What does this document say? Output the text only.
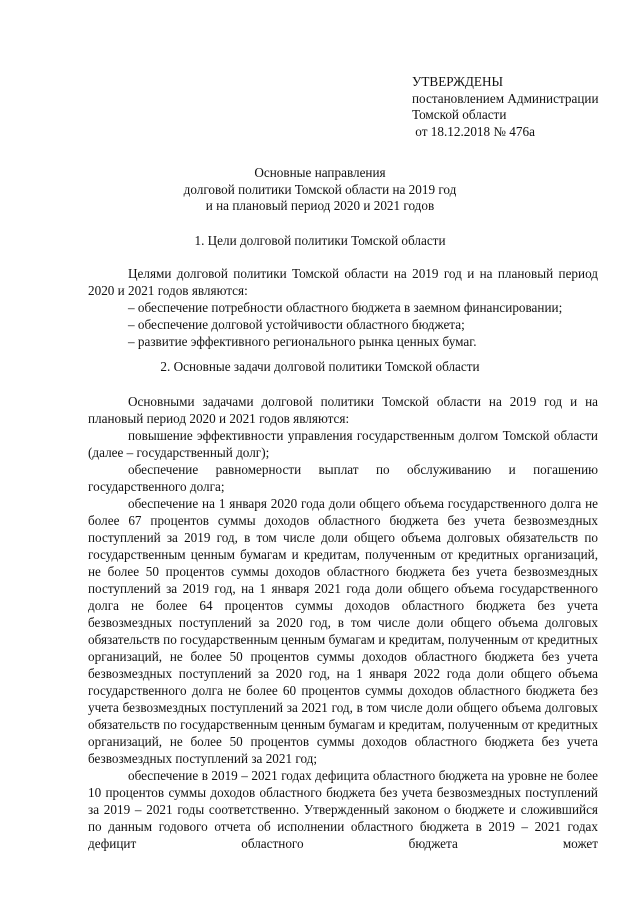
УТВЕРЖДЕНЫ
постановлением Администрации
Томской области
от 18.12.2018 № 476а
Основные направления
долговой политики Томской области на 2019 год
и на плановый период 2020 и 2021 годов
1. Цели долговой политики Томской области

Целями долговой политики Томской области на 2019 год и на плановый период 2020 и 2021 годов являются:

– обеспечение потребности областного бюджета в заемном финансировании;

– обеспечение долговой устойчивости областного бюджета;

– развитие эффективного регионального рынка ценных бумаг.

2. Основные задачи долговой политики Томской области

Основными задачами долговой политики Томской области на 2019 год и на плановый период 2020 и 2021 годов являются:

повышение эффективности управления государственным долгом Томской области (далее – государственный долг);

обеспечение равномерности выплат по обслуживанию и погашению государственного долга;

обеспечение на 1 января 2020 года доли общего объема государственного долга не более 67 процентов суммы доходов областного бюджета без учета безвозмездных поступлений за 2019 год, в том числе доли общего объема долговых обязательств по государственным ценным бумагам и кредитам, полученным от кредитных организаций, не более 50 процентов суммы доходов областного бюджета без учета безвозмездных поступлений за 2019 год, на 1 января 2021 года доли общего объема государственного долга не более 64 процентов суммы доходов областного бюджета без учета безвозмездных поступлений за 2020 год, в том числе доли общего объема долговых обязательств по государственным ценным бумагам и кредитам, полученным от кредитных организаций, не более 50 процентов суммы доходов областного бюджета без учета безвозмездных поступлений за 2020 год, на 1 января 2022 года доли общего объема государственного долга не более 60 процентов суммы доходов областного бюджета без учета безвозмездных поступлений за 2021 год, в том числе доли общего объема долговых обязательств по государственным ценным бумагам и кредитам, полученным от кредитных организаций, не более 50 процентов суммы доходов областного бюджета без учета безвозмездных поступлений за 2021 год;

обеспечение в 2019 – 2021 годах дефицита областного бюджета на уровне не более 10 процентов суммы доходов областного бюджета без учета безвозмездных поступлений за 2019 – 2021 годы соответственно. Утвержденный законом о бюджете и сложившийся по данным годового отчета об исполнении областного бюджета в 2019 – 2021 годах дефицит областного бюджета может
